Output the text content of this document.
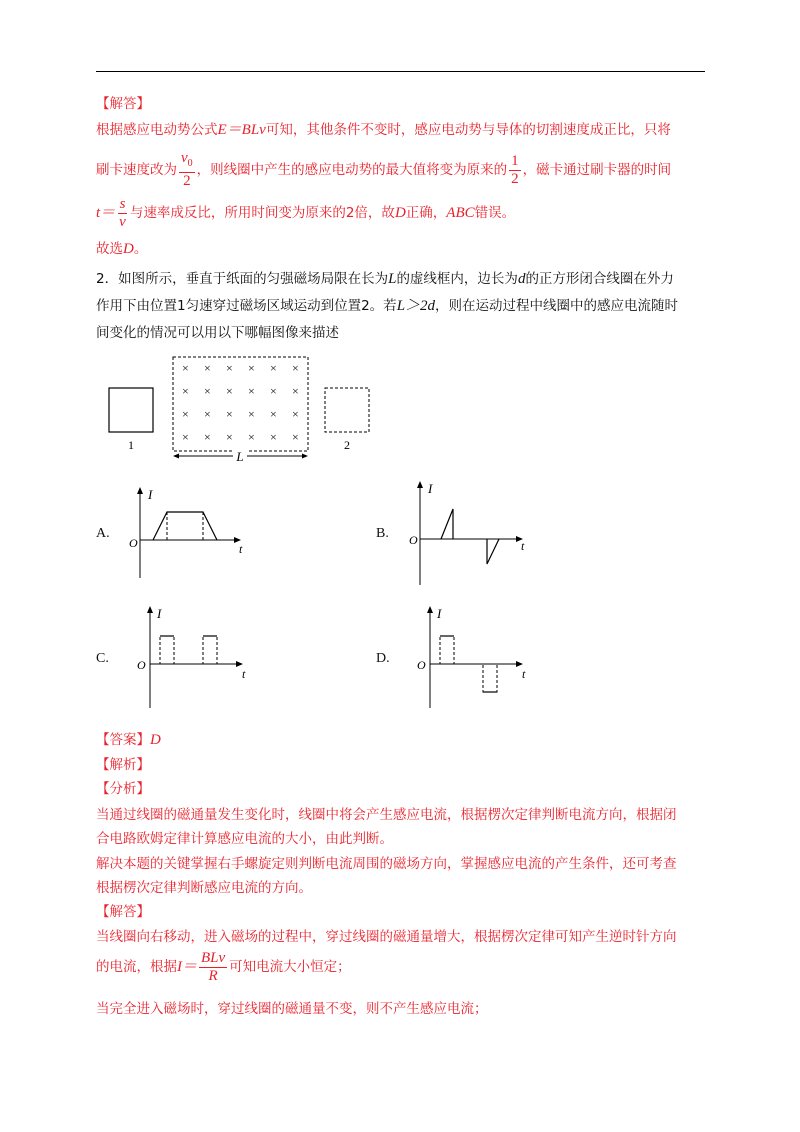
【解答】
根据感应电动势公式E＝BLv可知，其他条件不变时，感应电动势与导体的切割速度成正比，只将
刷卡速度改为 $\frac{v_0}{2}$ ，则线圈中产生的感应电动势的最大值将变为原来的 $\frac{1}{2}$ ，磁卡通过刷卡器的时间
$t= \frac{s}{v}$ 与速率成反比，所用时间变为原来的2倍，故 D 正确， ABC 错误。
故选D。
2．如图所示，垂直于纸面的匀强磁场局限在长为L的虚线框内，边长为d的正方形闭合线圈在外力
作用下由位置1匀速穿过磁场区域运动到位置2。若L＞2d，则在运动过程中线圈中的感应电流随时
间变化的情况可以用以下哪幅图像来描述
1
× × × × × ×
× × × × × ×
× × × × × ×
× × × × × ×
2
L
A.
I
O	t
B.
I
O	t
C.
I
O
t
D.
I
O
t
【答案】D
【解析】
【分析】
当通过线圈的磁通量发生变化时，线圈中将会产生感应电流，根据楞次定律判断电流方向，根据闭
合电路欧姆定律计算感应电流的大小，由此判断。
解决本题的关键掌握右手螺旋定则判断电流周围的磁场方向，掌握感应电流的产生条件，还可考查
根据楞次定律判断感应电流的方向。
【解答】
当线圈向右移动，进入磁场的过程中，穿过线圈的磁通量增大，根据楞次定律可知产生逆时针方向
的电流，根据 $I= \frac{\text{BLv}}{R}$ 可知电流大小恒定；
当完全进入磁场时，穿过线圈的磁通量不变，则不产生感应电流；
